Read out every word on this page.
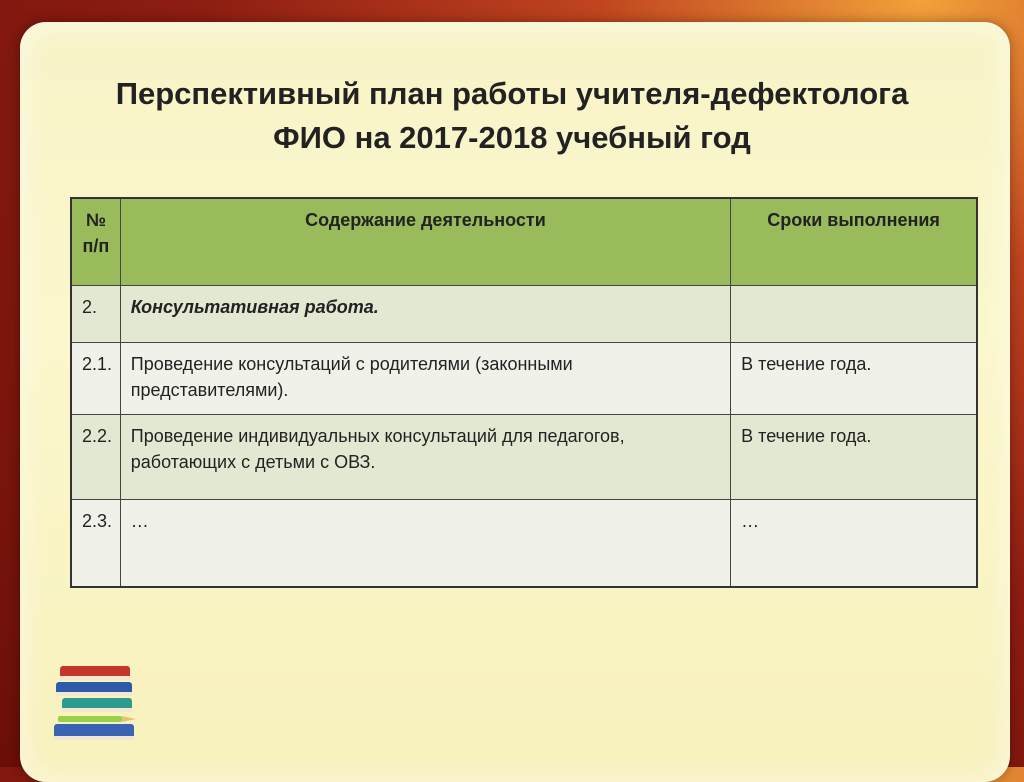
Перспективный план работы учителя-дефектолога
ФИО на 2017-2018 учебный год
№ п/п	Содержание деятельности	Сроки выполнения
2.	Консультативная работа.	
2.1.	Проведение консультаций с родителями (законными представителями).	В течение года.
2.2.	Проведение индивидуальных консультаций для педагогов, работающих с детьми с ОВЗ.	В течение года.
2.3.	…	…
